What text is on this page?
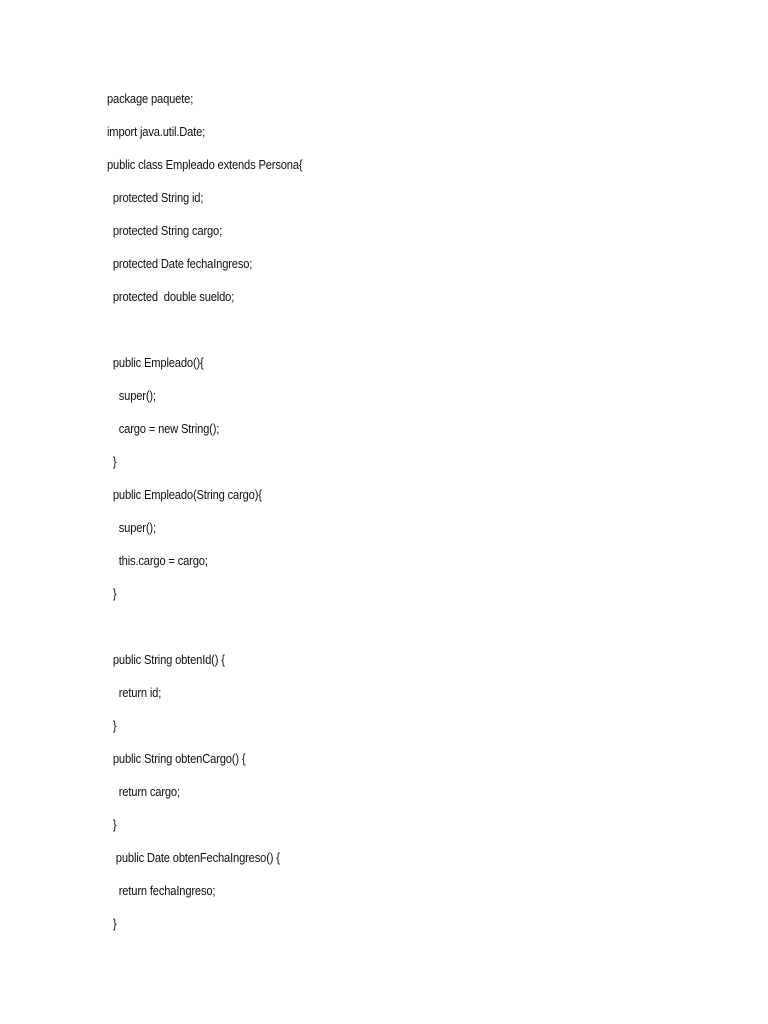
package paquete;
import java.util.Date;
public class Empleado extends Persona{
protected String id;
protected String cargo;
protected Date fechaIngreso;
protected  double sueldo;
public Empleado(){
super();
cargo = new String();
}
public Empleado(String cargo){
super();
this.cargo = cargo;
}
public String obtenId() {
return id;
}
public String obtenCargo() {
return cargo;
}
public Date obtenFechaIngreso() {
return fechaIngreso;
}
